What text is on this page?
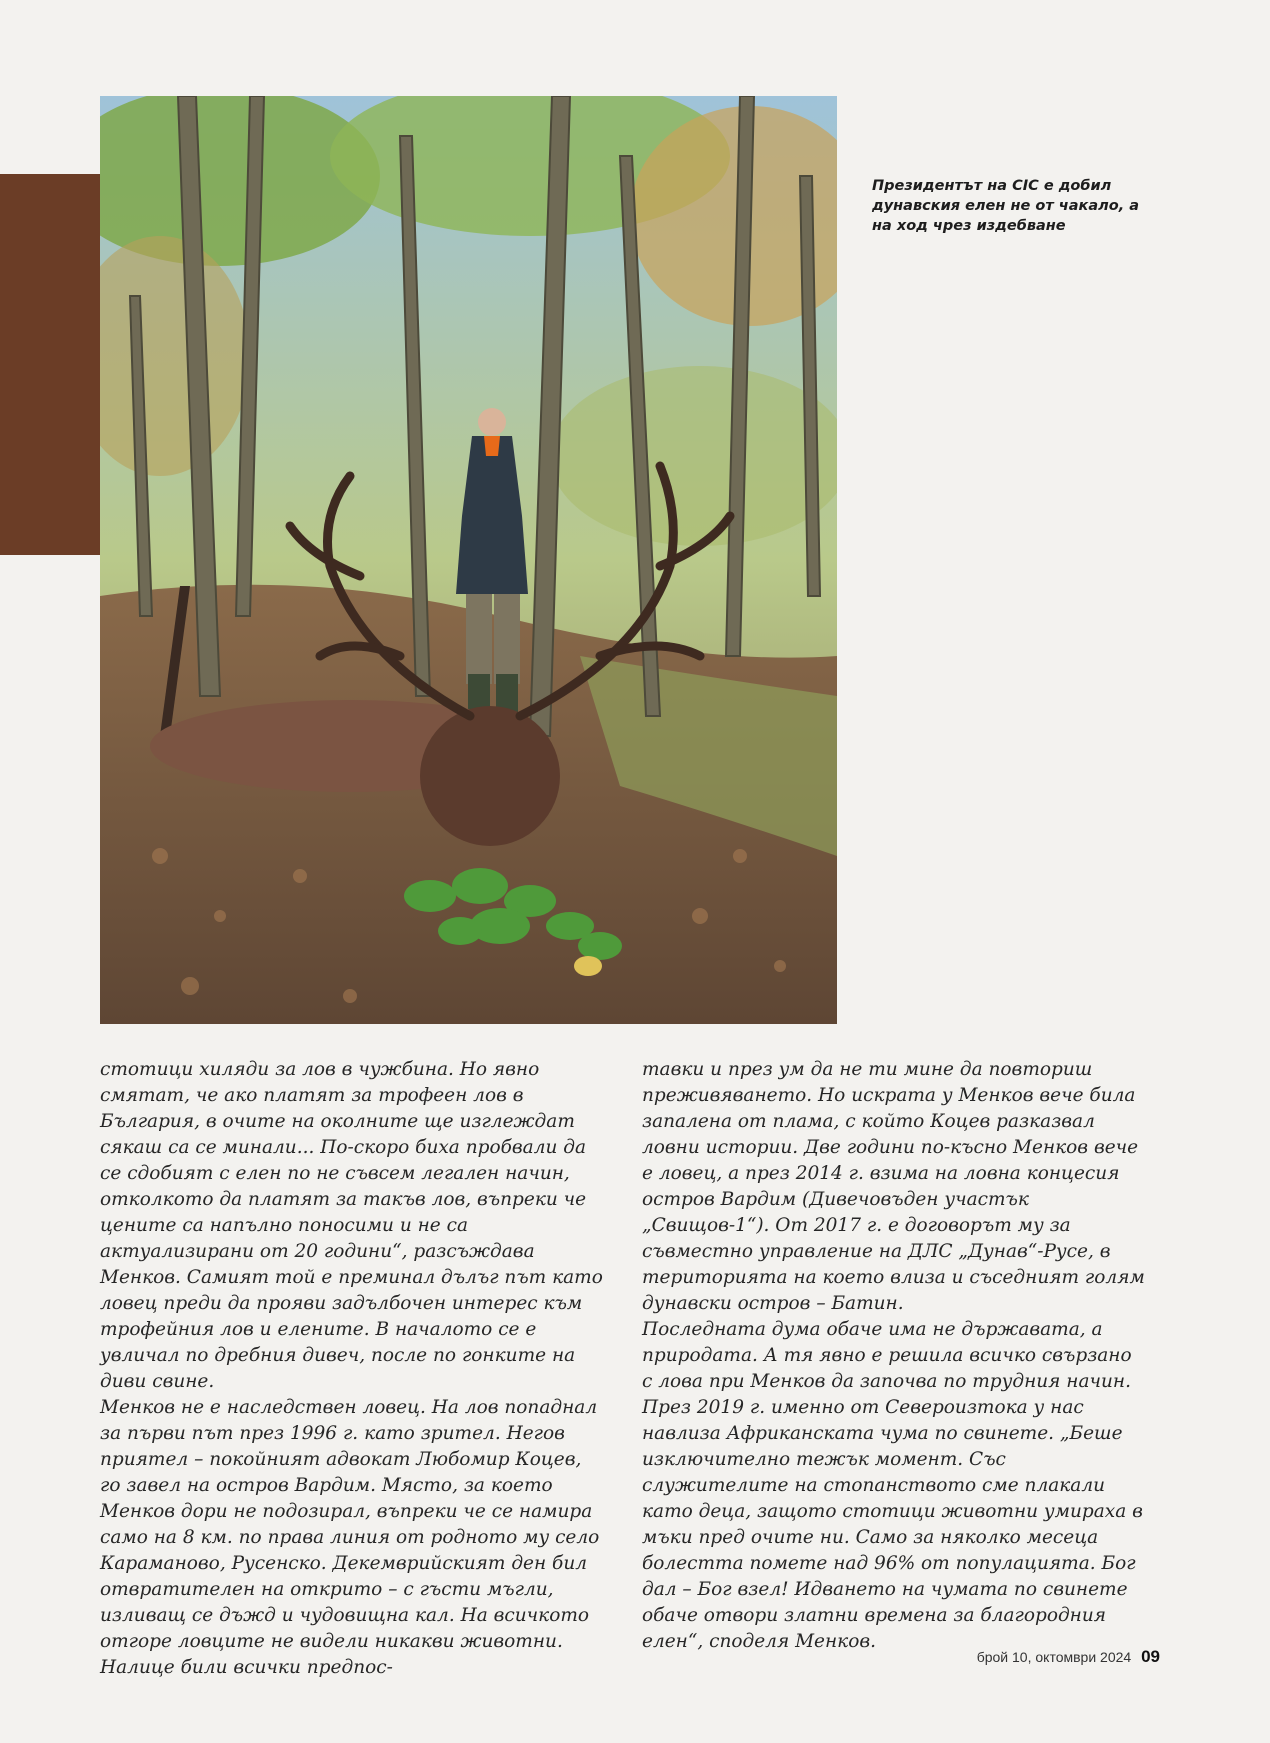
Президентът на CIC е добил дунавския елен не от чакало, а на ход чрез издебване

стотици хиляди за лов в чужбина. Но явно смятат, че ако платят за трофеен лов в България, в очите на околните ще изглеждат сякаш са се минали... По-скоро биха пробвали да се сдобият с елен по не съвсем легален начин, отколкото да платят за такъв лов, въпреки че цените са напълно поносими и не са актуализирани от 20 години“, разсъждава Менков. Самият той е преминал дълъг път като ловец преди да прояви задълбочен интерес към трофейния лов и елените. В началото се е увличал по дребния дивеч, после по гонките на диви свине.

Менков не е наследствен ловец. На лов попаднал за първи път през 1996 г. като зрител. Негов приятел – покойният адвокат Любомир Коцев, го завел на остров Вардим. Място, за което Менков дори не подозирал, въпреки че се намира само на 8 км. по права линия от родното му село Караманово, Русенско. Декемврийският ден бил отвратителен на открито – с гъсти мъгли, изливащ се дъжд и чудовищна кал. На всичкото отгоре ловците не видели никакви животни. Налице били всички предпос-

тавки и през ум да не ти мине да повториш преживяването. Но искрата у Менков вече била запалена от плама, с който Коцев разказвал ловни истории. Две години по-късно Менков вече е ловец, а през 2014 г. взима на ловна концесия остров Вардим (Дивечовъден участък „Свищов-1“). От 2017 г. е договорът му за съвместно управление на ДЛС „Дунав“-Русе, в територията на което влиза и съседният голям дунавски остров – Батин.

Последната дума обаче има не държавата, а природата. А тя явно е решила всичко свързано с лова при Менков да започва по трудния начин.

През 2019 г. именно от Североизтока у нас навлиза Африканската чума по свинете. „Беше изключително тежък момент. Със служителите на стопанството сме плакали като деца, защото стотици животни умираха в мъки пред очите ни. Само за няколко месеца болестта помете над 96% от популацията. Бог дал – Бог взел! Идването на чумата по свинете обаче отвори златни времена за благородния елен“, споделя Менков.

брой 10, октомври 2024 09
